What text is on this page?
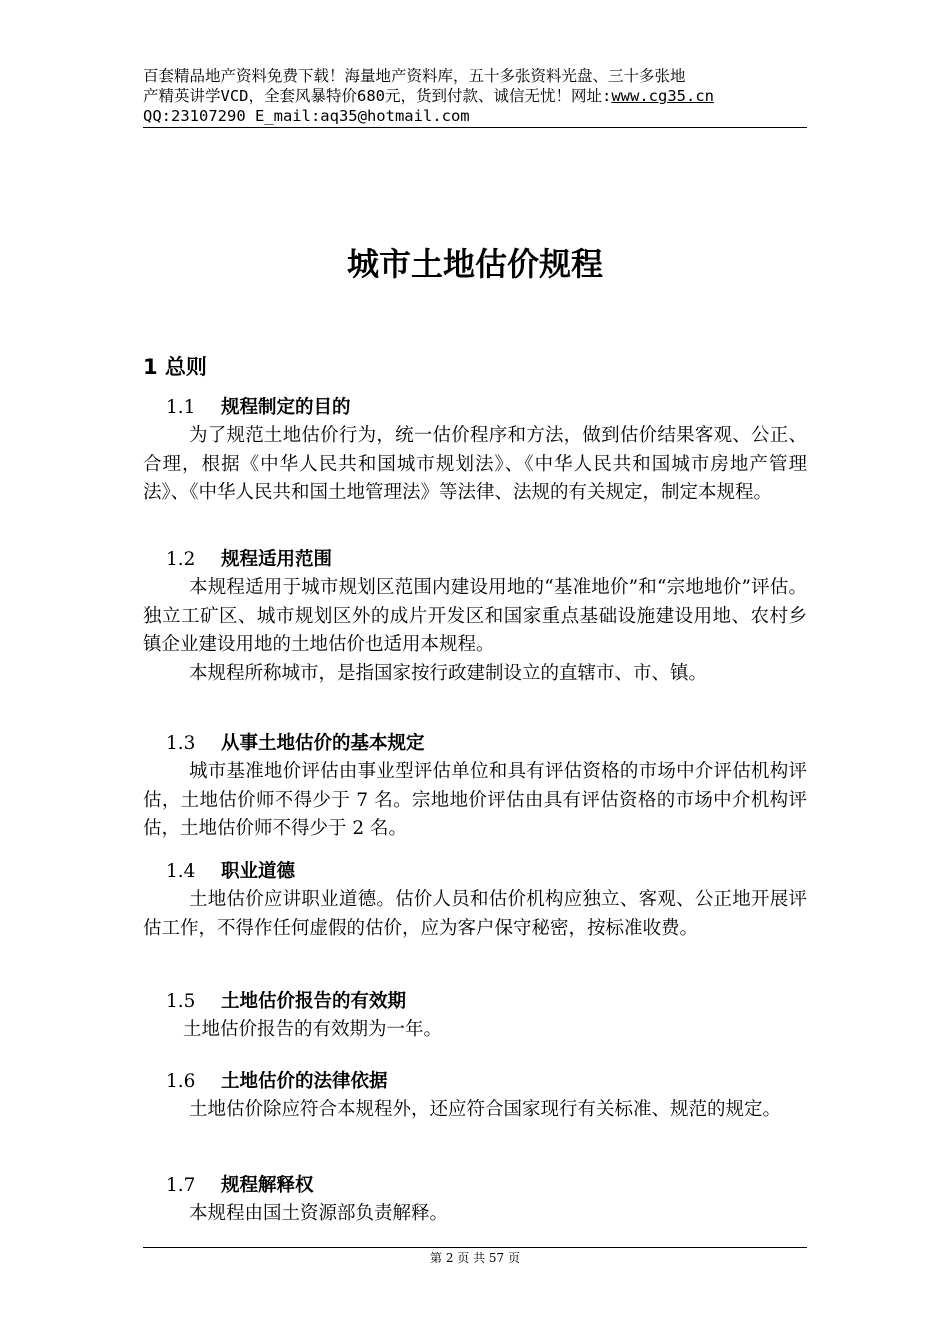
百套精品地产资料免费下载！海量地产资料库，五十多张资料光盘、三十多张地
产精英讲学VCD，全套风暴特价680元，货到付款、诚信无忧！网址:www.cg35.cn
QQ:23107290 E_mail:aq35@hotmail.com
城市土地估价规程
1 总则
1.1 规程制定的目的

为了规范土地估价行为，统一估价程序和方法，做到估价结果客观、公正、合理，根据《中华人民共和国城市规划法》、《中华人民共和国城市房地产管理法》、《中华人民共和国土地管理法》等法律、法规的有关规定，制定本规程。

1.2 规程适用范围

本规程适用于城市规划区范围内建设用地的“基准地价”和“宗地地价”评估。独立工矿区、城市规划区外的成片开发区和国家重点基础设施建设用地、农村乡镇企业建设用地的土地估价也适用本规程。

本规程所称城市，是指国家按行政建制设立的直辖市、市、镇。

1.3 从事土地估价的基本规定

城市基准地价评估由事业型评估单位和具有评估资格的市场中介评估机构评估，土地估价师不得少于 7 名。宗地地价评估由具有评估资格的市场中介机构评估，土地估价师不得少于 2 名。

1.4 职业道德

土地估价应讲职业道德。估价人员和估价机构应独立、客观、公正地开展评估工作，不得作任何虚假的估价，应为客户保守秘密，按标准收费。

1.5 土地估价报告的有效期

土地估价报告的有效期为一年。

1.6 土地估价的法律依据

土地估价除应符合本规程外，还应符合国家现行有关标准、规范的规定。

1.7 规程解释权

本规程由国土资源部负责解释。

第 2 页 共 57 页
